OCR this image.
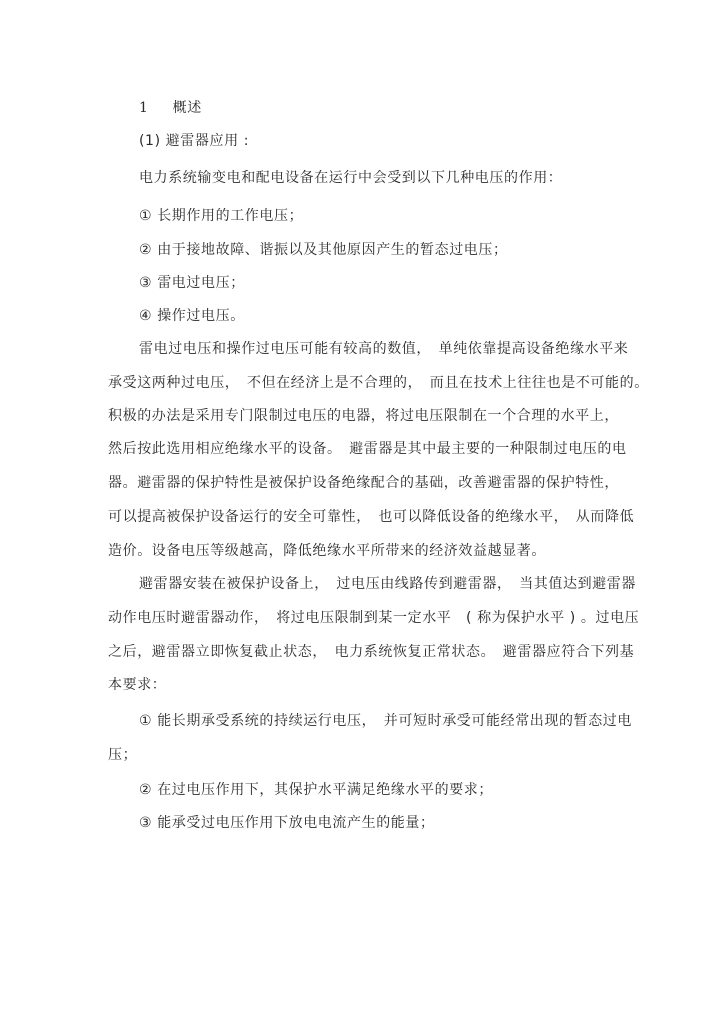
1 概述
(1) 避雷器应用 :
电力系统输变电和配电设备在运行中会受到以下几种电压的作用：
① 长期作用的工作电压；
② 由于接地故障、谐振以及其他原因产生的暂态过电压；
③ 雷电过电压；
④ 操作过电压。
雷电过电压和操作过电压可能有较高的数值，　单纯依靠提高设备绝缘水平来
承受这两种过电压，　不但在经济上是不合理的，　而且在技术上往往也是不可能的。
积极的办法是采用专门限制过电压的电器，将过电压限制在一个合理的水平上，
然后按此选用相应绝缘水平的设备。　避雷器是其中最主要的一种限制过电压的电
器。避雷器的保护特性是被保护设备绝缘配合的基础，改善避雷器的保护特性，
可以提高被保护设备运行的安全可靠性，　也可以降低设备的绝缘水平，　从而降低
造价。设备电压等级越高，降低绝缘水平所带来的经济效益越显著。
避雷器安装在被保护设备上，　过电压由线路传到避雷器，　当其值达到避雷器
动作电压时避雷器动作，　将过电压限制到某一定水平　( 称为保护水平 ) 。过电压
之后，避雷器立即恢复截止状态，　电力系统恢复正常状态。　避雷器应符合下列基
本要求：
① 能长期承受系统的持续运行电压，　并可短时承受可能经常出现的暂态过电
压；
② 在过电压作用下，其保护水平满足绝缘水平的要求；
③ 能承受过电压作用下放电电流产生的能量；
